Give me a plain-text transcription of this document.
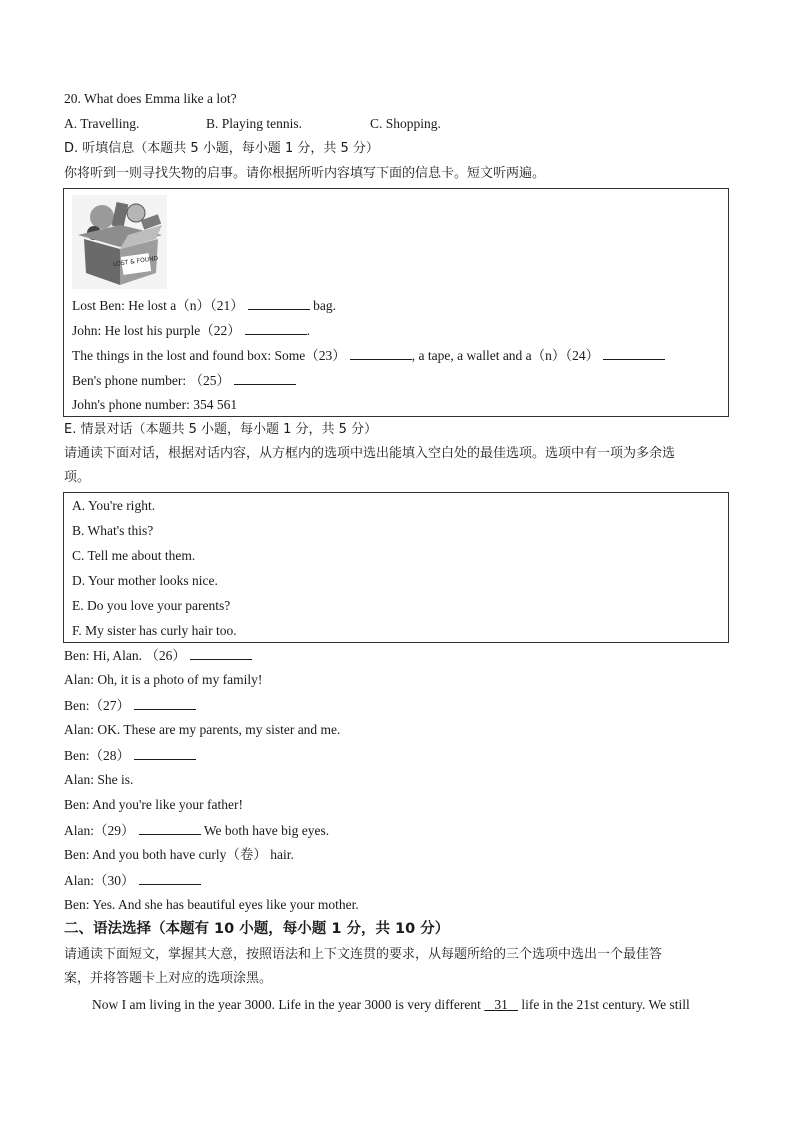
20. What does Emma like a lot?
A. Travelling.	B. Playing tennis.	C. Shopping.
D. 听填信息（本题共 5 小题，每小题 1 分，共 5 分）
你将听到一则寻找失物的启事。请你根据所听内容填写下面的信息卡。短文听两遍。
LOST & FOUND
Lost Ben: He lost a（n）（21）	bag.
John: He lost his purple（22）	.
The things in the lost and found box: Some（23）	, a tape, a wallet and a（n）（24）
Ben's phone number: （25）
John's phone number: 354 561
E. 情景对话（本题共 5 小题，每小题 1 分，共 5 分）
请通读下面对话，根据对话内容，从方框内的选项中选出能填入空白处的最佳选项。选项中有一项为多余选
项。
A. You're right.
B. What's this?
C. Tell me about them.
D. Your mother looks nice.
E. Do you love your parents?
F. My sister has curly hair too.
Ben: Hi, Alan. （26）
Alan: Oh, it is a photo of my family!
Ben:（27）
Alan: OK. These are my parents, my sister and me.
Ben:（28）
Alan: She is.
Ben: And you're like your father!
Alan:（29）	We both have big eyes.
Ben: And you both have curly（卷） hair.
Alan:（30）
Ben: Yes. And she has beautiful eyes like your mother.
二、语法选择（本题有 10 小题，每小题 1 分，共 10 分）
请通读下面短文，掌握其大意，按照语法和上下文连贯的要求，从每题所给的三个选项中选出一个最佳答
案，并将答题卡上对应的选项涂黑。
Now I am living in the year 3000. Life in the year 3000 is very different 31 life in the 21st century. We still
